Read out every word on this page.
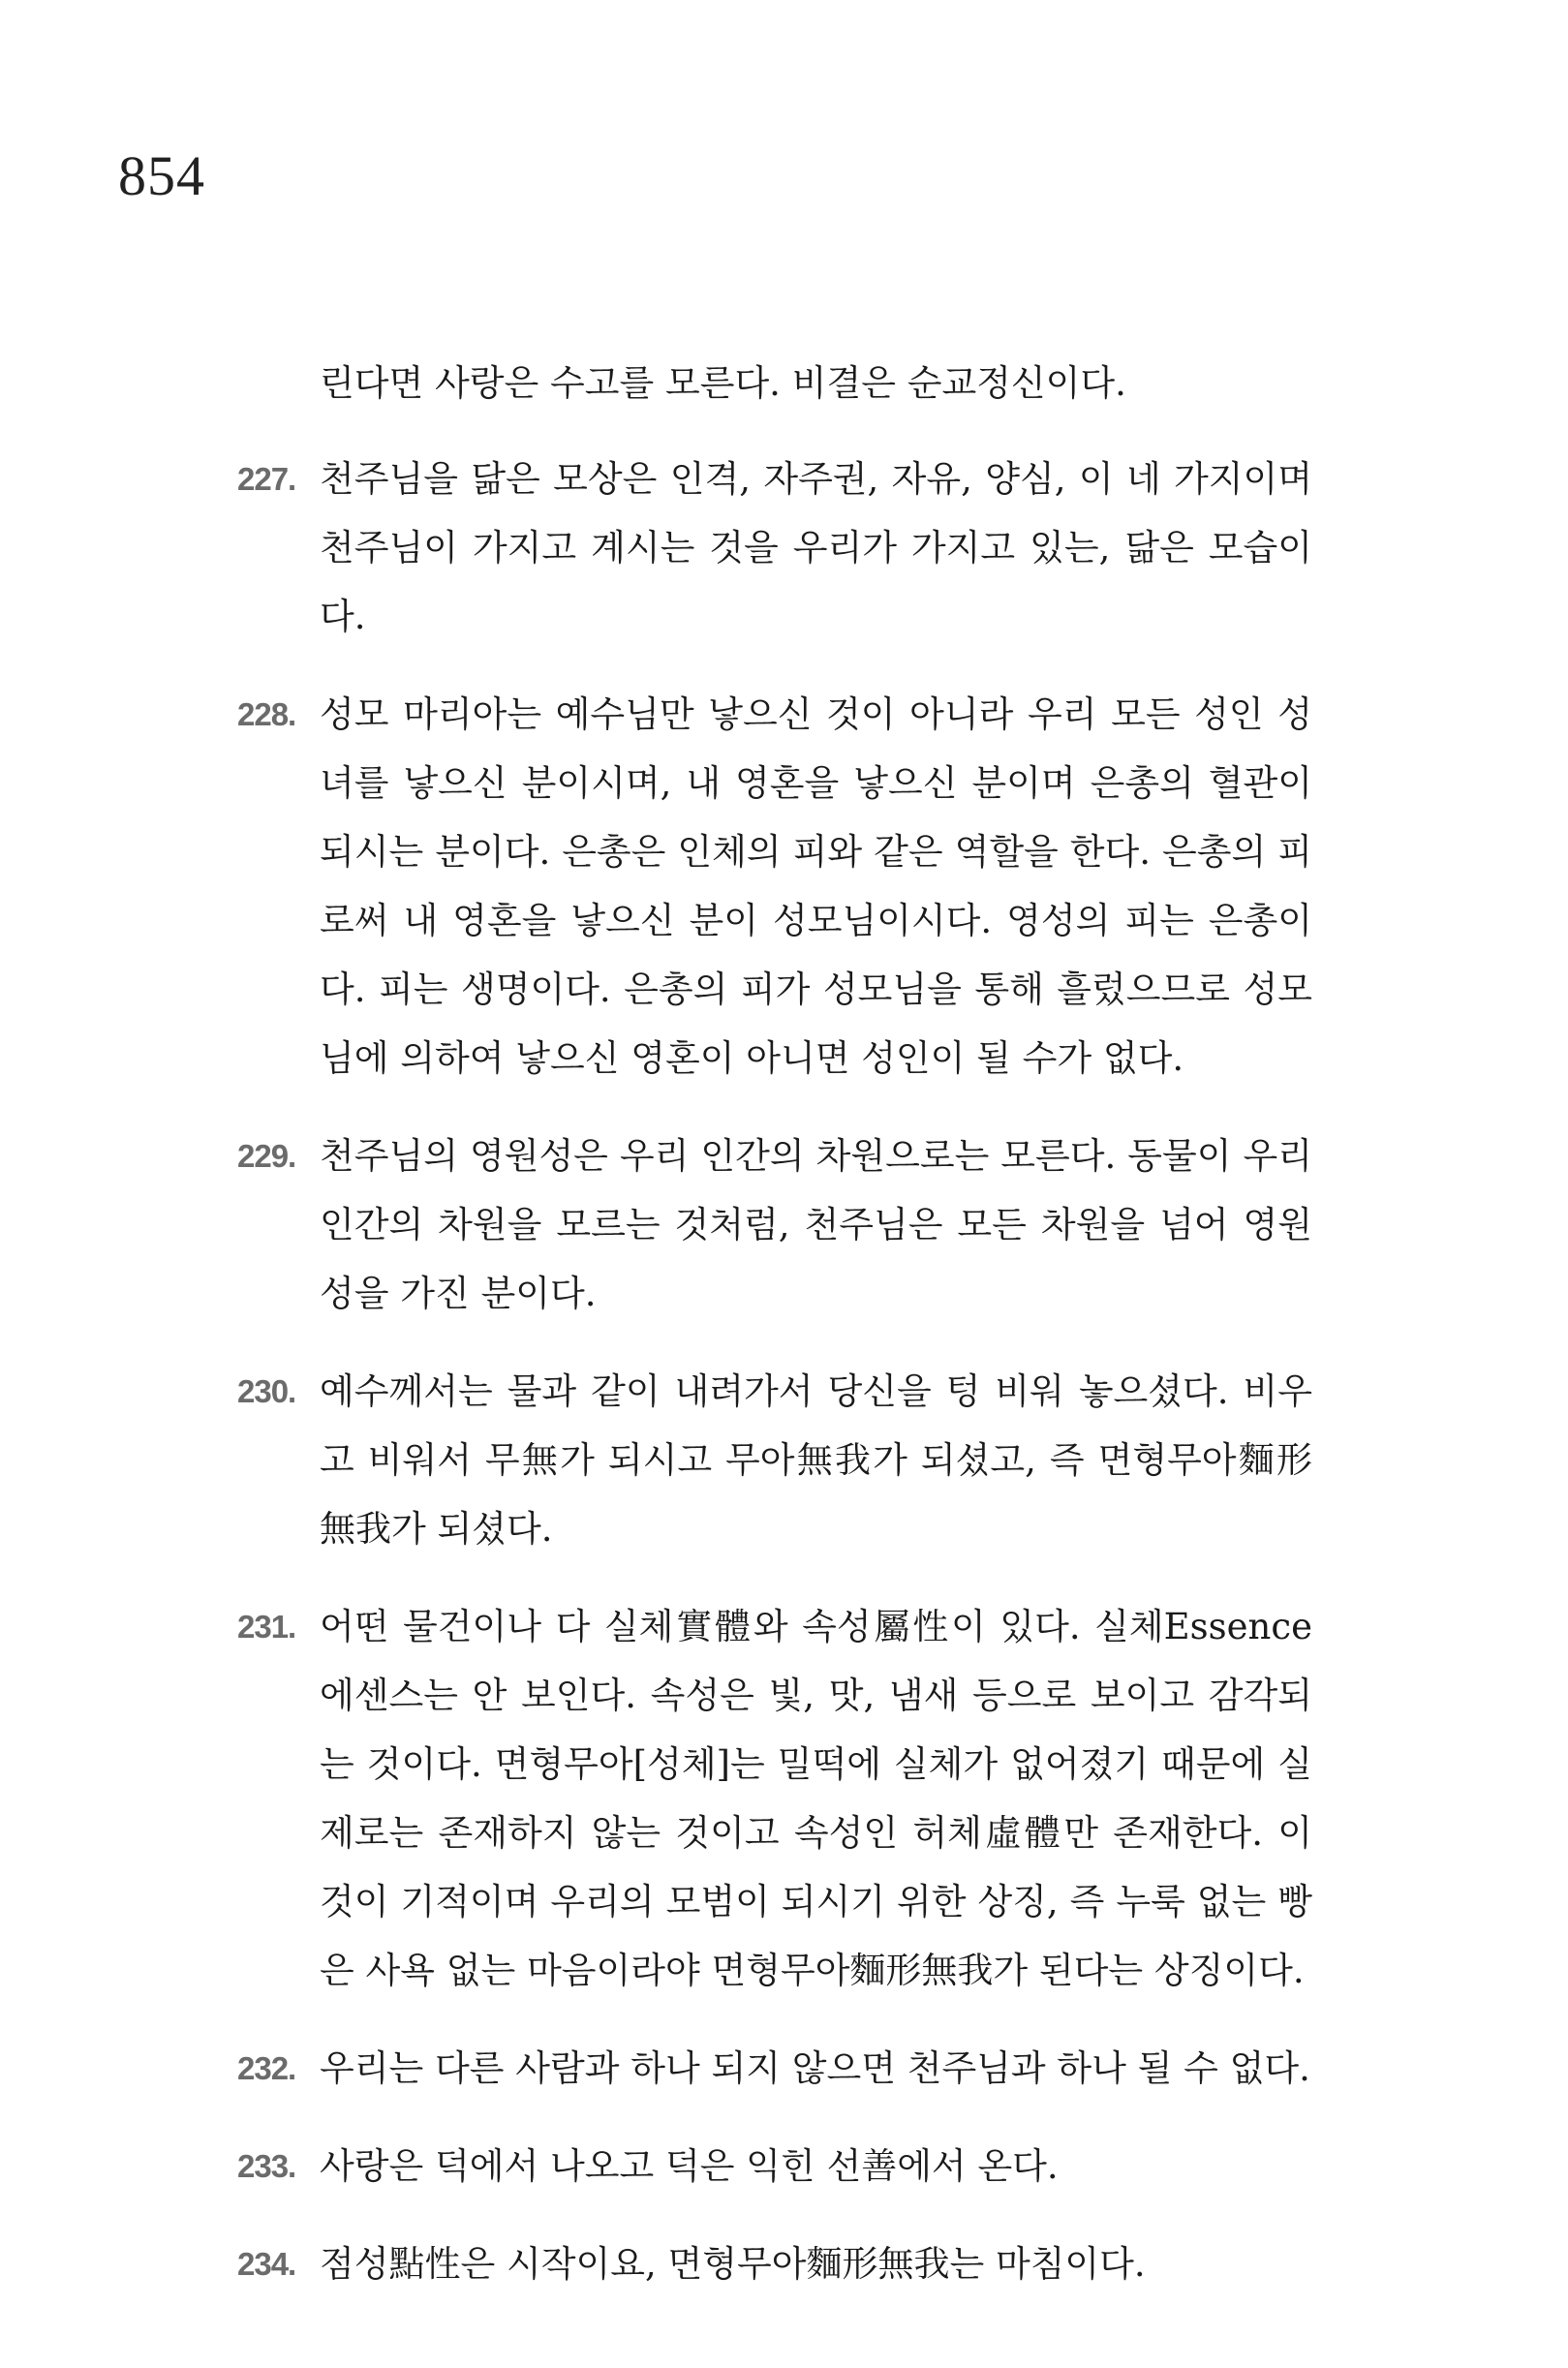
854

린다면 사랑은 수고를 모른다. 비결은 순교정신이다.

227. 천주님을 닮은 모상은 인격, 자주권, 자유, 양심, 이 네 가지이며 천주님이 가지고 계시는 것을 우리가 가지고 있는, 닮은 모습이다.
228. 성모 마리아는 예수님만 낳으신 것이 아니라 우리 모든 성인 성녀를 낳으신 분이시며, 내 영혼을 낳으신 분이며 은총의 혈관이 되시는 분이다. 은총은 인체의 피와 같은 역할을 한다. 은총의 피로써 내 영혼을 낳으신 분이 성모님이시다. 영성의 피는 은총이다. 피는 생명이다. 은총의 피가 성모님을 통해 흘렀으므로 성모님에 의하여 낳으신 영혼이 아니면 성인이 될 수가 없다.
229. 천주님의 영원성은 우리 인간의 차원으로는 모른다. 동물이 우리 인간의 차원을 모르는 것처럼, 천주님은 모든 차원을 넘어 영원성을 가진 분이다.
230. 예수께서는 물과 같이 내려가서 당신을 텅 비워 놓으셨다. 비우고 비워서 무無가 되시고 무아無我가 되셨고, 즉 면형무아麵形無我가 되셨다.
231. 어떤 물건이나 다 실체實體와 속성屬性이 있다. 실체Essence에센스는 안 보인다. 속성은 빛, 맛, 냄새 등으로 보이고 감각되는 것이다. 면형무아[성체]는 밀떡에 실체가 없어졌기 때문에 실제로는 존재하지 않는 것이고 속성인 허체虛體만 존재한다. 이것이 기적이며 우리의 모범이 되시기 위한 상징, 즉 누룩 없는 빵은 사욕 없는 마음이라야 면형무아麵形無我가 된다는 상징이다.
232. 우리는 다른 사람과 하나 되지 않으면 천주님과 하나 될 수 없다.
233. 사랑은 덕에서 나오고 덕은 익힌 선善에서 온다.
234. 점성點性은 시작이요, 면형무아麵形無我는 마침이다.
